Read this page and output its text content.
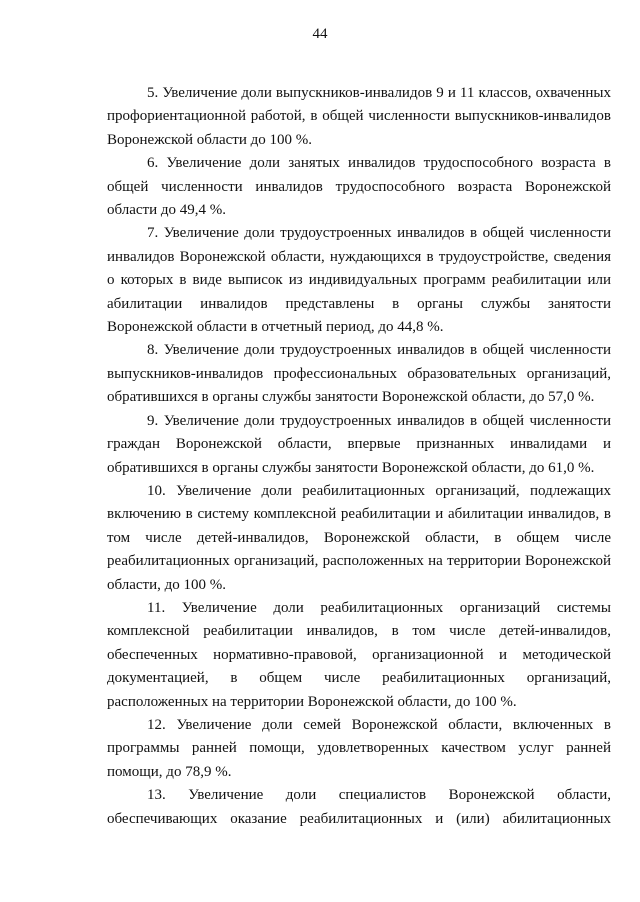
44

5. Увеличение доли выпускников-инвалидов 9 и 11 классов, охваченных профориентационной работой, в общей численности выпускников-инвалидов Воронежской области до 100 %.

6. Увеличение доли занятых инвалидов трудоспособного возраста в общей численности инвалидов трудоспособного возраста Воронежской области до 49,4 %.

7. Увеличение доли трудоустроенных инвалидов в общей численности инвалидов Воронежской области, нуждающихся в трудоустройстве, сведения о которых в виде выписок из индивидуальных программ реабилитации или абилитации инвалидов представлены в органы службы занятости Воронежской области в отчетный период, до 44,8 %.

8. Увеличение доли трудоустроенных инвалидов в общей численности выпускников-инвалидов профессиональных образовательных организаций, обратившихся в органы службы занятости Воронежской области, до 57,0 %.

9. Увеличение доли трудоустроенных инвалидов в общей численности граждан Воронежской области, впервые признанных инвалидами и обратившихся в органы службы занятости Воронежской области, до 61,0 %.

10. Увеличение доли реабилитационных организаций, подлежащих включению в систему комплексной реабилитации и абилитации инвалидов, в том числе детей-инвалидов, Воронежской области, в общем числе реабилитационных организаций, расположенных на территории Воронежской области, до 100 %.

11. Увеличение доли реабилитационных организаций системы комплексной реабилитации инвалидов, в том числе детей-инвалидов, обеспеченных нормативно-правовой, организационной и методической документацией, в общем числе реабилитационных организаций, расположенных на территории Воронежской области, до 100 %.

12. Увеличение доли семей Воронежской области, включенных в программы ранней помощи, удовлетворенных качеством услуг ранней помощи, до 78,9 %.

13. Увеличение доли специалистов Воронежской области, обеспечивающих оказание реабилитационных и (или) абилитационных
